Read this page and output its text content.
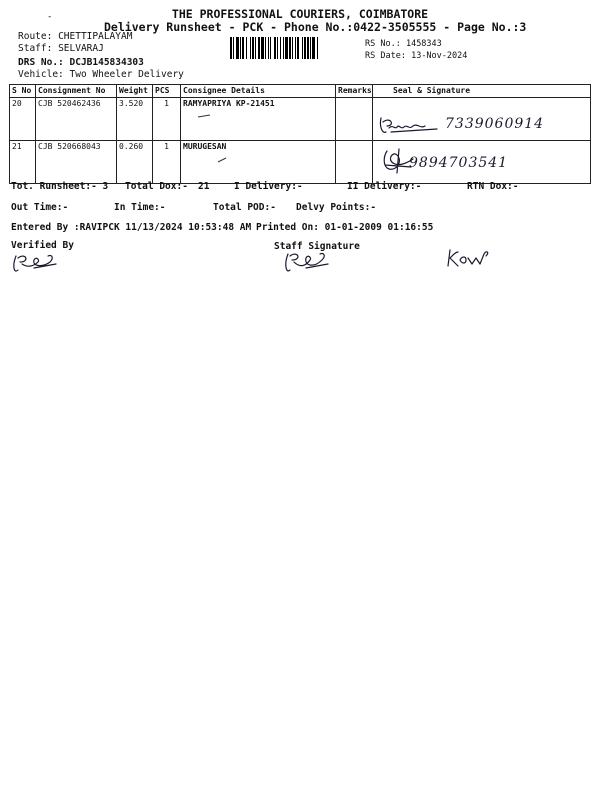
THE PROFESSIONAL COURIERS, COIMBATORE
-
Delivery Runsheet - PCK - Phone No.:0422-3505555 - Page No.:3
Route: CHETTIPALAYAM
Staff: SELVARAJ
DRS No.: DCJB145834303
Vehicle: Two Wheeler Delivery
RS No.: 1458343
RS Date: 13-Nov-2024
S No	Consignment No	Weight	PCS	Consignee Details	Remarks	Seal & Signature
20	CJB 520462436	3.520	1	RAMYAPRIYA KP-21451		7339060914

21	CJB 520668043	0.260	1	MURUGESAN		9894703541
Tot. Runsheet:- 3 Total Dox:- 21	I Delivery:-	II Delivery:-	RTN Dox:-
Out Time:-	In Time:-	Total POD:- Delvy Points:-
Entered By :RAVIPCK 11/13/2024 10:53:48 AM Printed On: 01-01-2009 01:16:55
Verified By	Staff Signature
